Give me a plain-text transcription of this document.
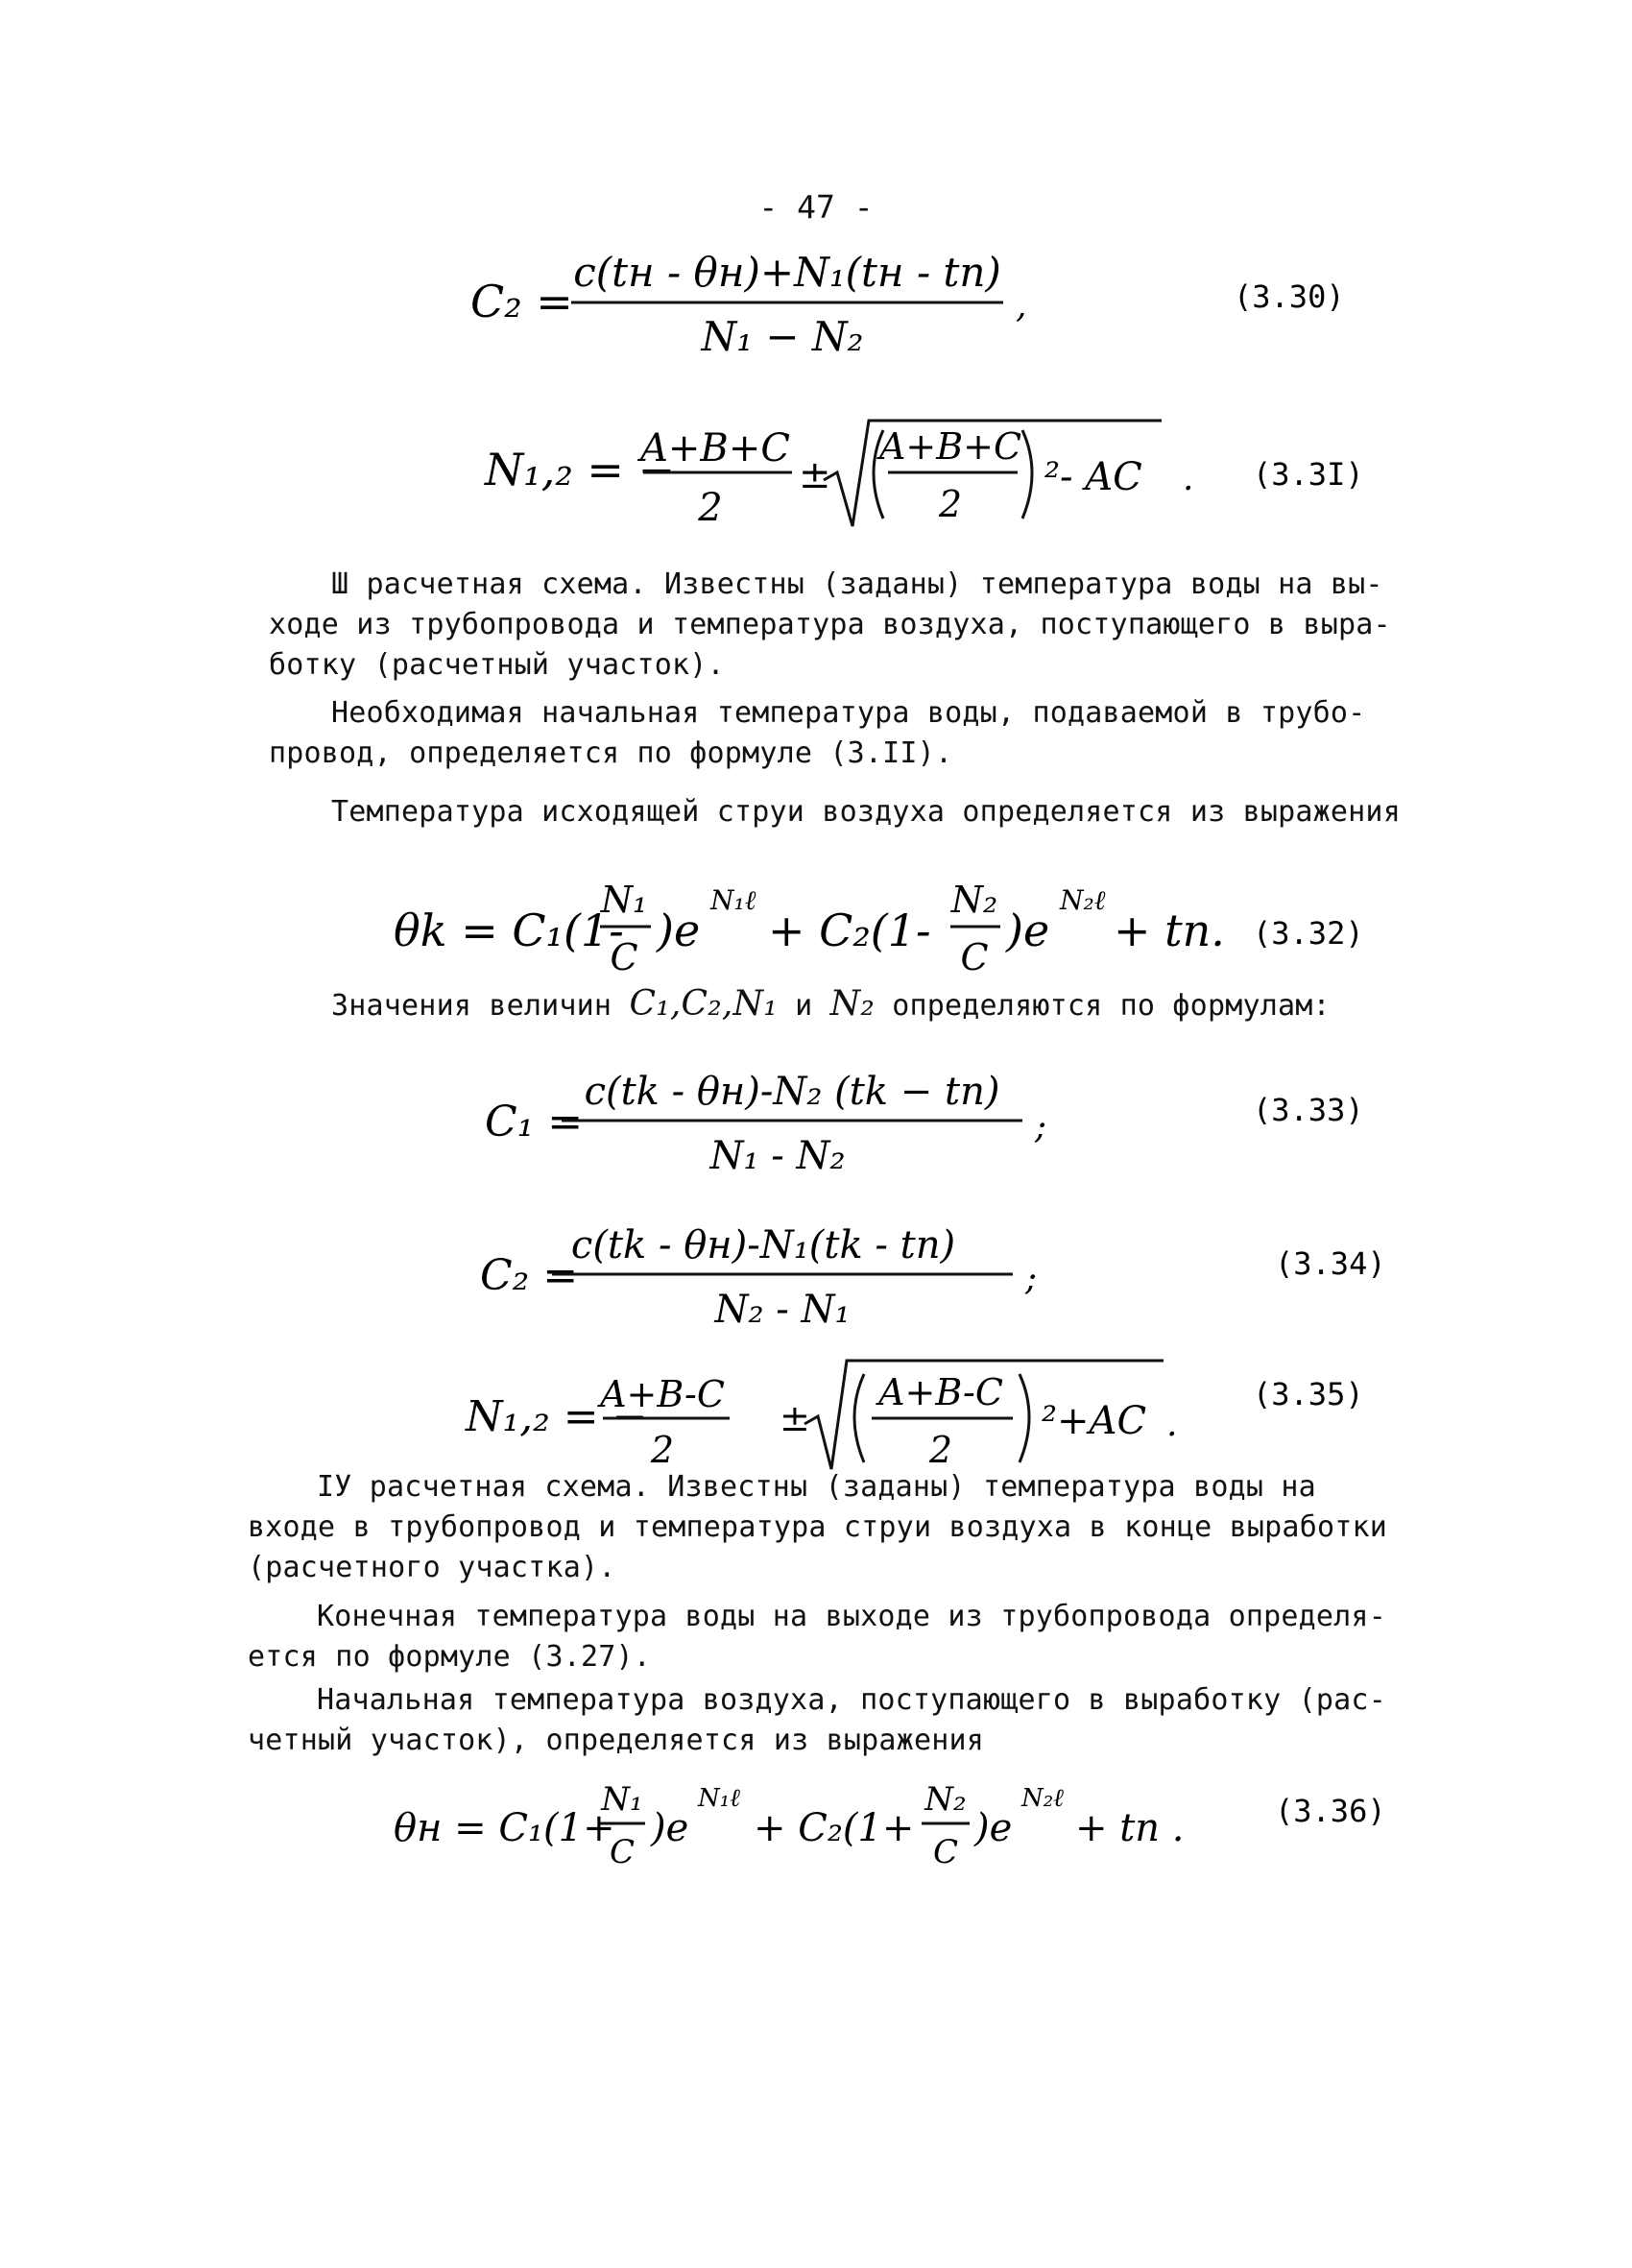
- 47 -
C₂ =
c(tн - θн)+N₁(tн - tп)
N₁ − N₂
,	(3.30)
N₁,₂ = −
A+B+C
2
±
A+B+C
2
²- AC . (3.3I)
Ш расчетная схема. Известны (заданы) температура воды на вы-
ходе из трубопровода и температура воздуха, поступающего в выра-
ботку (расчетный участок).
Необходимая начальная температура воды, подаваемой в трубо-
провод, определяется по формуле (3.II).
Температура исходящей струи воздуха определяется из выражения
θk = C₁(1-
N₁
C
)e
N₁ℓ
+ C₂(1-
N₂
C
)e
N₂ℓ
+ tп. (3.32)
Значения величин C₁,C₂,N₁ и N₂ определяются по формулам:
C₁ =
c(tk - θн)-N₂ (tk − tп)
N₁ - N₂
;	(3.33)
C₂ =
c(tk - θн)-N₁(tk - tп)
N₂ - N₁
;	(3.34)
N₁,₂ = −
A+B-C
2
±
A+B-C
2
²+AC .
(3.35)
IУ расчетная схема. Известны (заданы) температура воды на
входе в трубопровод и температура струи воздуха в конце выработки
(расчетного участка).
Конечная температура воды на выходе из трубопровода определя-
ется по формуле (3.27).
Начальная температура воздуха, поступающего в выработку (рас-
четный участок), определяется из выражения
θн = C₁(1+
N₁
C
)e
N₁ℓ
+ C₂(1+
N₂
C
)e
N₂ℓ
+ tп .	(3.36)
